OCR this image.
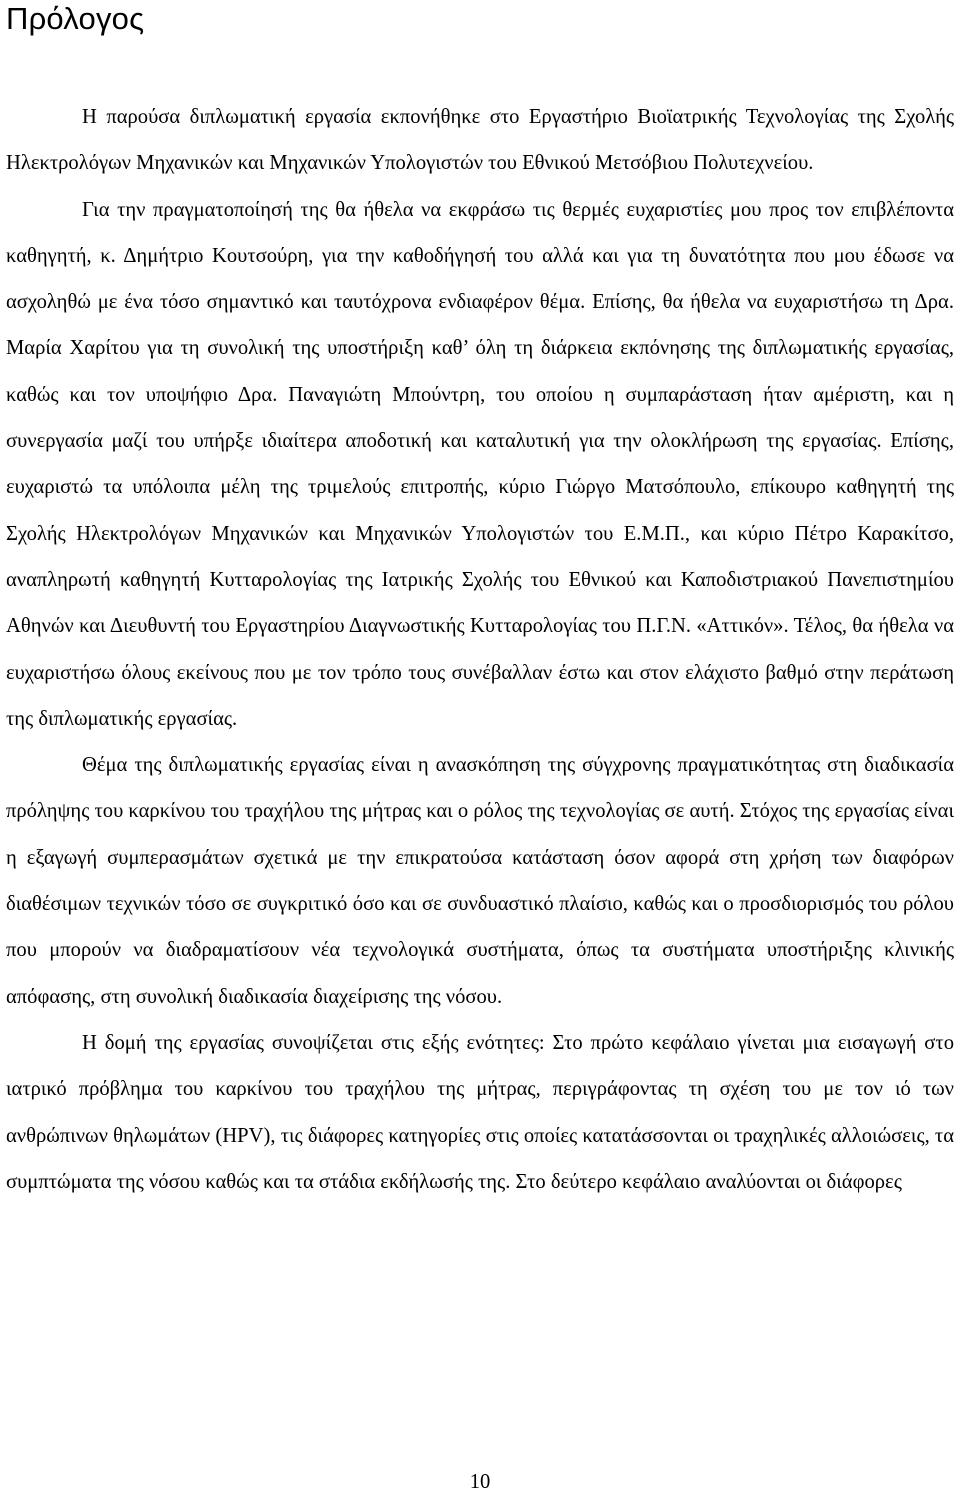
Πρόλογος

Η παρούσα διπλωματική εργασία εκπονήθηκε στο Εργαστήριο Βιοϊατρικής Τεχνολογίας της Σχολής Ηλεκτρολόγων Μηχανικών και Μηχανικών Υπολογιστών του Εθνικού Μετσόβιου Πολυτεχνείου.

Για την πραγματοποίησή της θα ήθελα να εκφράσω τις θερμές ευχαριστίες μου προς τον επιβλέποντα καθηγητή, κ. Δημήτριο Κουτσούρη, για την καθοδήγησή του αλλά και για τη δυνατότητα που μου έδωσε να ασχοληθώ με ένα τόσο σημαντικό και ταυτόχρονα ενδιαφέρον θέμα. Επίσης, θα ήθελα να ευχαριστήσω τη Δρα. Μαρία Χαρίτου για τη συνολική της υποστήριξη καθ’ όλη τη διάρκεια εκπόνησης της διπλωματικής εργασίας, καθώς και τον υποψήφιο Δρα. Παναγιώτη Μπούντρη, του οποίου η συμπαράσταση ήταν αμέριστη, και η συνεργασία μαζί του υπήρξε ιδιαίτερα αποδοτική και καταλυτική για την ολοκλήρωση της εργασίας. Επίσης, ευχαριστώ τα υπόλοιπα μέλη της τριμελούς επιτροπής, κύριο Γιώργο Ματσόπουλο, επίκουρο καθηγητή της Σχολής Ηλεκτρολόγων Μηχανικών και Μηχανικών Υπολογιστών του Ε.Μ.Π., και κύριο Πέτρο Καρακίτσο, αναπληρωτή καθηγητή Κυτταρολογίας της Ιατρικής Σχολής του Εθνικού και Καποδιστριακού Πανεπιστημίου Αθηνών και Διευθυντή του Εργαστηρίου Διαγνωστικής Κυτταρολογίας του Π.Γ.Ν. «Αττικόν». Τέλος, θα ήθελα να ευχαριστήσω όλους εκείνους που με τον τρόπο τους συνέβαλλαν έστω και στον ελάχιστο βαθμό στην περάτωση της διπλωματικής εργασίας.

Θέμα της διπλωματικής εργασίας είναι η ανασκόπηση της σύγχρονης πραγματικότητας στη διαδικασία πρόληψης του καρκίνου του τραχήλου της μήτρας και ο ρόλος της τεχνολογίας σε αυτή. Στόχος της εργασίας είναι η εξαγωγή συμπερασμάτων σχετικά με την επικρατούσα κατάσταση όσον αφορά στη χρήση των διαφόρων διαθέσιμων τεχνικών τόσο σε συγκριτικό όσο και σε συνδυαστικό πλαίσιο, καθώς και ο προσδιορισμός του ρόλου που μπορούν να διαδραματίσουν νέα τεχνολογικά συστήματα, όπως τα συστήματα υποστήριξης κλινικής απόφασης, στη συνολική διαδικασία διαχείρισης της νόσου.

Η δομή της εργασίας συνοψίζεται στις εξής ενότητες: Στο πρώτο κεφάλαιο γίνεται μια εισαγωγή στο ιατρικό πρόβλημα του καρκίνου του τραχήλου της μήτρας, περιγράφοντας τη σχέση του με τον ιό των ανθρώπινων θηλωμάτων (HPV), τις διάφορες κατηγορίες στις οποίες κατατάσσονται οι τραχηλικές αλλοιώσεις, τα συμπτώματα της νόσου καθώς και τα στάδια εκδήλωσής της. Στο δεύτερο κεφάλαιο αναλύονται οι διάφορες

10
